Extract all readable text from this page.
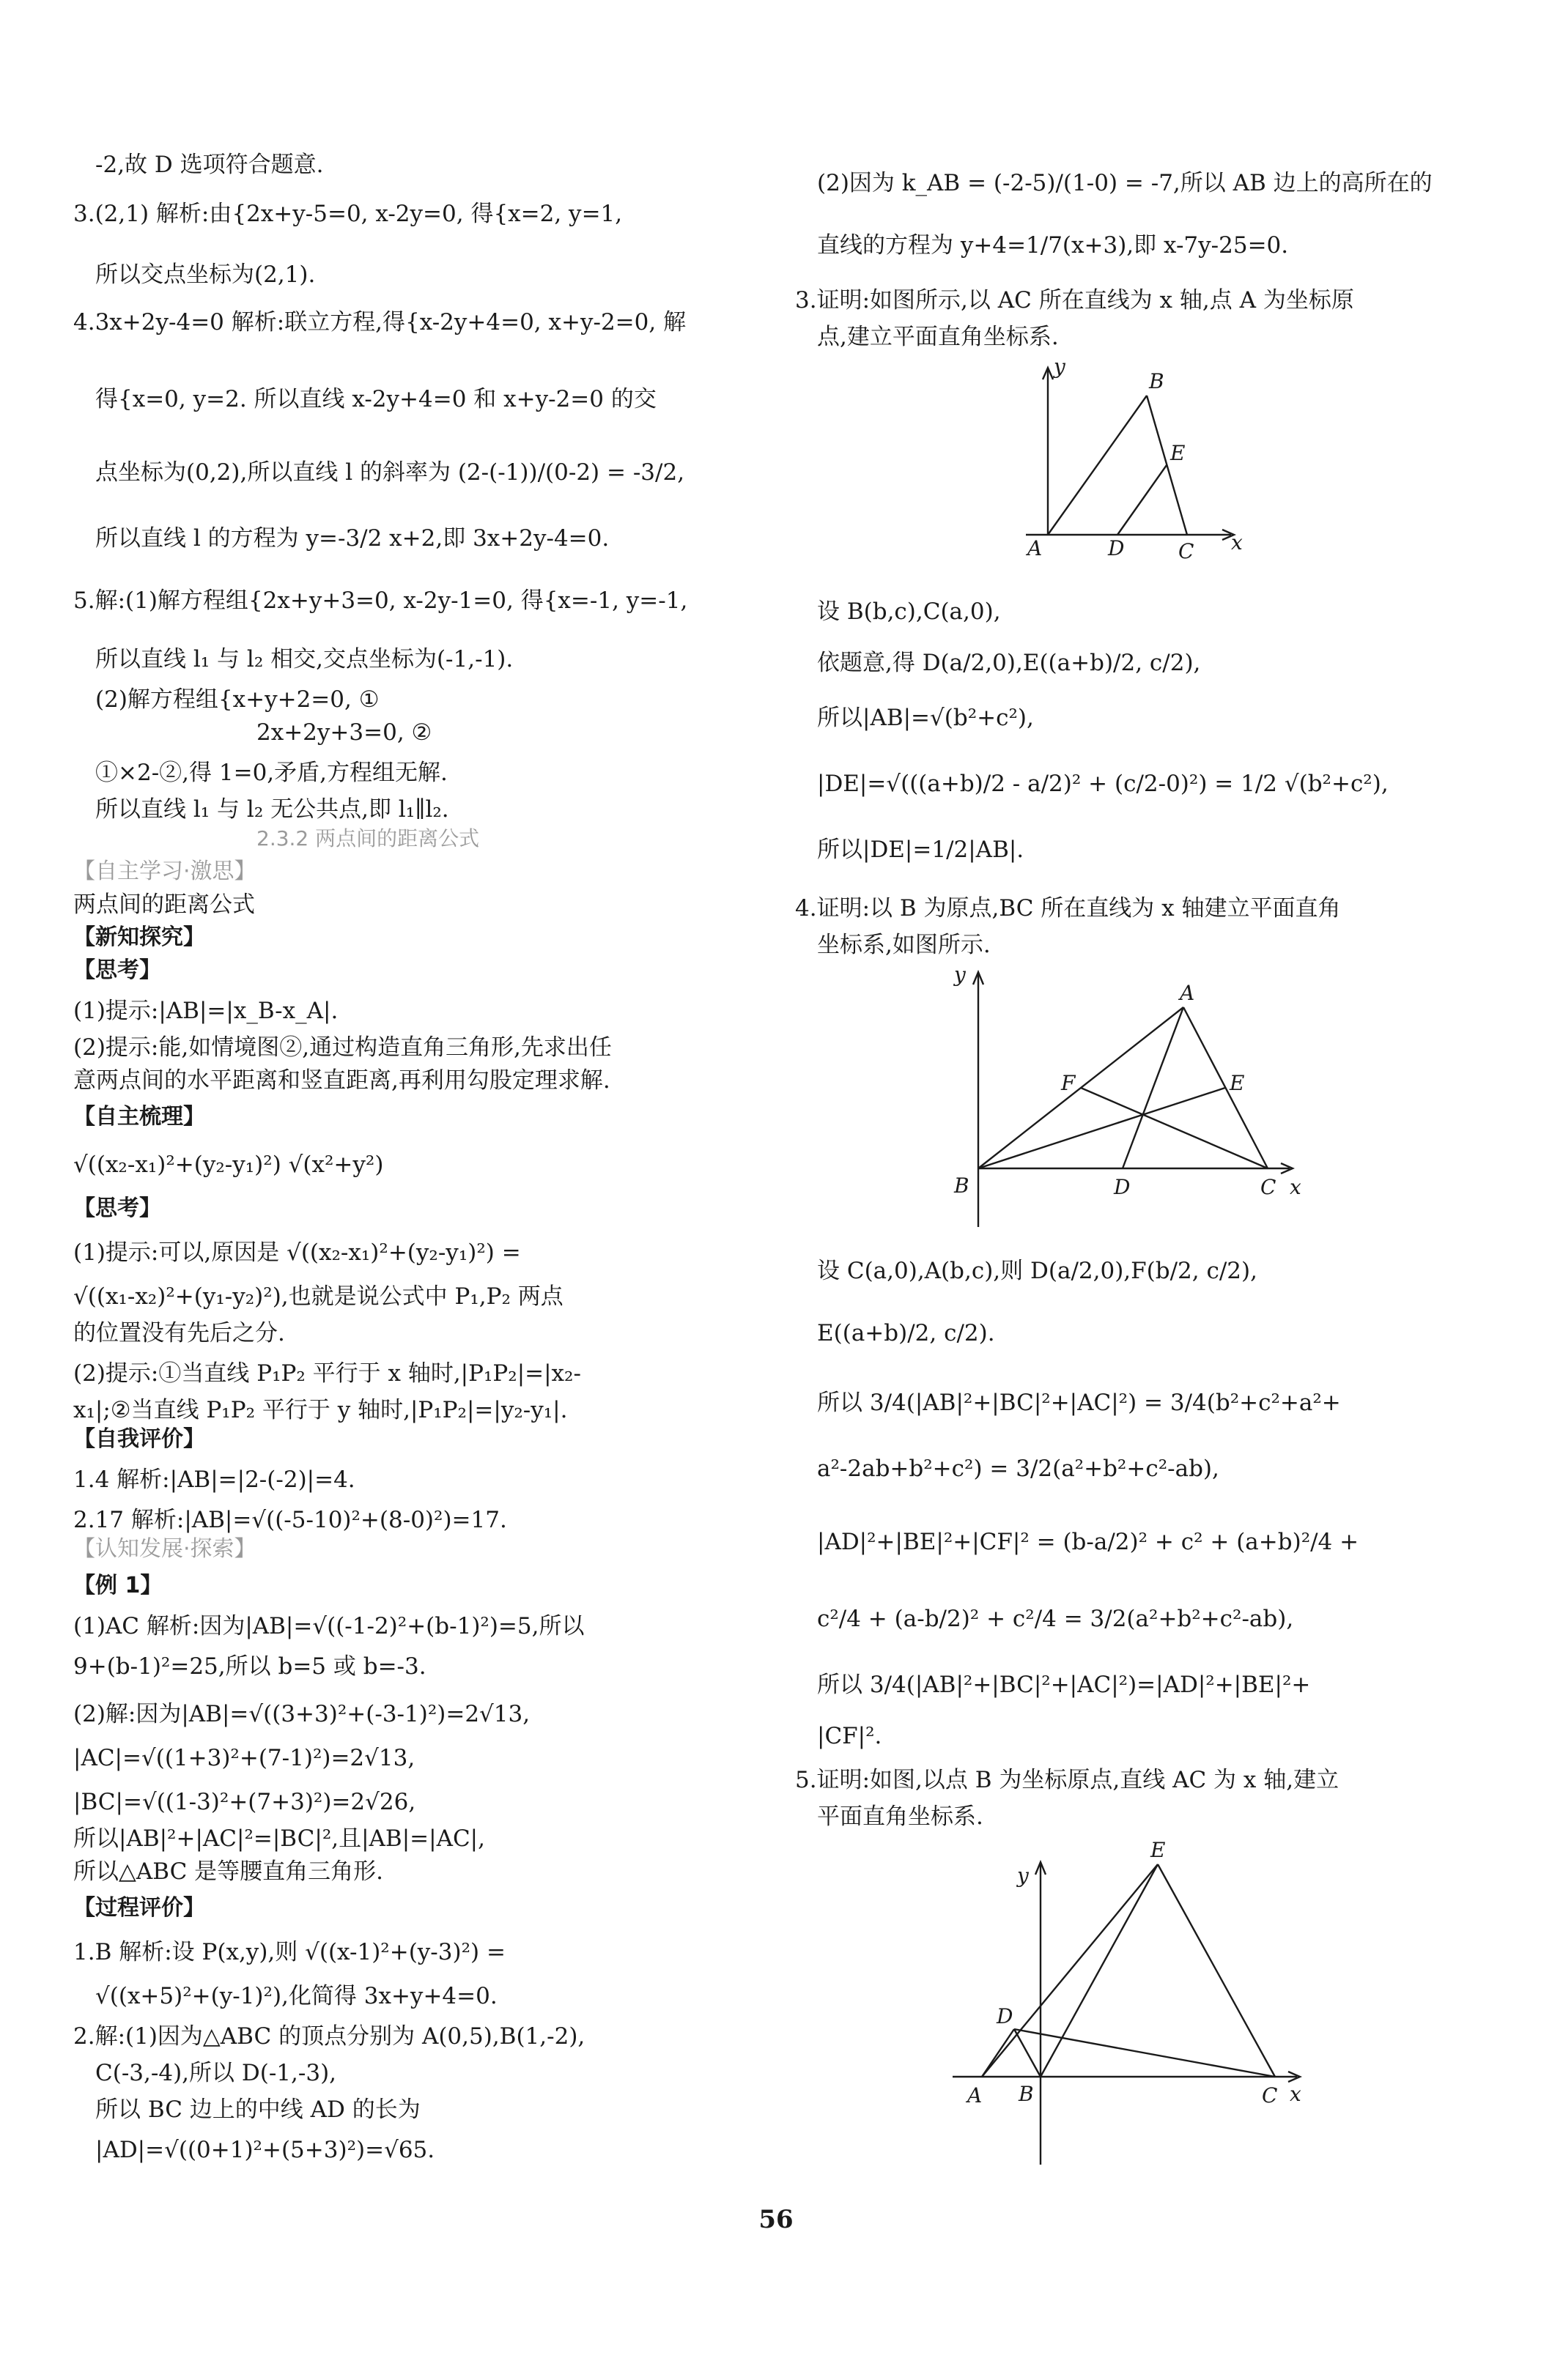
-2,故 D 选项符合题意.
3.(2,1) 解析:由{2x+y-5=0, x-2y=0, 得{x=2, y=1,
所以交点坐标为(2,1).
4.3x+2y-4=0 解析:联立方程,得{x-2y+4=0, x+y-2=0, 解
得{x=0, y=2. 所以直线 x-2y+4=0 和 x+y-2=0 的交
点坐标为(0,2),所以直线 l 的斜率为 (2-(-1))/(0-2) = -3/2,
所以直线 l 的方程为 y=-3/2 x+2,即 3x+2y-4=0.
5.解:(1)解方程组{2x+y+3=0, x-2y-1=0, 得{x=-1, y=-1,
所以直线 l₁ 与 l₂ 相交,交点坐标为(-1,-1).
(2)解方程组{x+y+2=0, ①
2x+2y+3=0, ②
①×2-②,得 1=0,矛盾,方程组无解.
所以直线 l₁ 与 l₂ 无公共点,即 l₁∥l₂.
2.3.2 两点间的距离公式
【自主学习·激思】
两点间的距离公式
【新知探究】
【思考】
(1)提示:|AB|=|x_B-x_A|.
(2)提示:能,如情境图②,通过构造直角三角形,先求出任
意两点间的水平距离和竖直距离,再利用勾股定理求解.
【自主梳理】
√((x₂-x₁)²+(y₂-y₁)²) √(x²+y²)
【思考】
(1)提示:可以,原因是 √((x₂-x₁)²+(y₂-y₁)²) =
√((x₁-x₂)²+(y₁-y₂)²),也就是说公式中 P₁,P₂ 两点
的位置没有先后之分.
(2)提示:①当直线 P₁P₂ 平行于 x 轴时,|P₁P₂|=|x₂-
x₁|;②当直线 P₁P₂ 平行于 y 轴时,|P₁P₂|=|y₂-y₁|.
【自我评价】
1.4 解析:|AB|=|2-(-2)|=4.
2.17 解析:|AB|=√((-5-10)²+(8-0)²)=17.
【认知发展·探索】
【例 1】
(1)AC 解析:因为|AB|=√((-1-2)²+(b-1)²)=5,所以
9+(b-1)²=25,所以 b=5 或 b=-3.
(2)解:因为|AB|=√((3+3)²+(-3-1)²)=2√13,
|AC|=√((1+3)²+(7-1)²)=2√13,
|BC|=√((1-3)²+(7+3)²)=2√26,
所以|AB|²+|AC|²=|BC|²,且|AB|=|AC|,
所以△ABC 是等腰直角三角形.
【过程评价】
1.B 解析:设 P(x,y),则 √((x-1)²+(y-3)²) =
√((x+5)²+(y-1)²),化简得 3x+y+4=0.
2.解:(1)因为△ABC 的顶点分别为 A(0,5),B(1,-2),
C(-3,-4),所以 D(-1,-3),
所以 BC 边上的中线 AD 的长为
|AD|=√((0+1)²+(5+3)²)=√65.
(2)因为 k_AB = (-2-5)/(1-0) = -7,所以 AB 边上的高所在的
直线的方程为 y+4=1/7(x+3),即 x-7y-25=0.
3.证明:如图所示,以 AC 所在直线为 x 轴,点 A 为坐标原
点,建立平面直角坐标系.
设 B(b,c),C(a,0),
依题意,得 D(a/2,0),E((a+b)/2, c/2),
所以|AB|=√(b²+c²),
|DE|=√(((a+b)/2 - a/2)² + (c/2-0)²) = 1/2 √(b²+c²),
所以|DE|=1/2|AB|.
4.证明:以 B 为原点,BC 所在直线为 x 轴建立平面直角
坐标系,如图所示.
设 C(a,0),A(b,c),则 D(a/2,0),F(b/2, c/2),
E((a+b)/2, c/2).
所以 3/4(|AB|²+|BC|²+|AC|²) = 3/4(b²+c²+a²+
a²-2ab+b²+c²) = 3/2(a²+b²+c²-ab),
|AD|²+|BE|²+|CF|² = (b-a/2)² + c² + (a+b)²/4 +
c²/4 + (a-b/2)² + c²/4 = 3/2(a²+b²+c²-ab),
所以 3/4(|AB|²+|BC|²+|AC|²)=|AD|²+|BE|²+
|CF|².
5.证明:如图,以点 B 为坐标原点,直线 AC 为 x 轴,建立
平面直角坐标系.
y
x
A
B
C
D
E
y
x
B
A
C
D
E
F
y
x
A B	C
D
E
56
